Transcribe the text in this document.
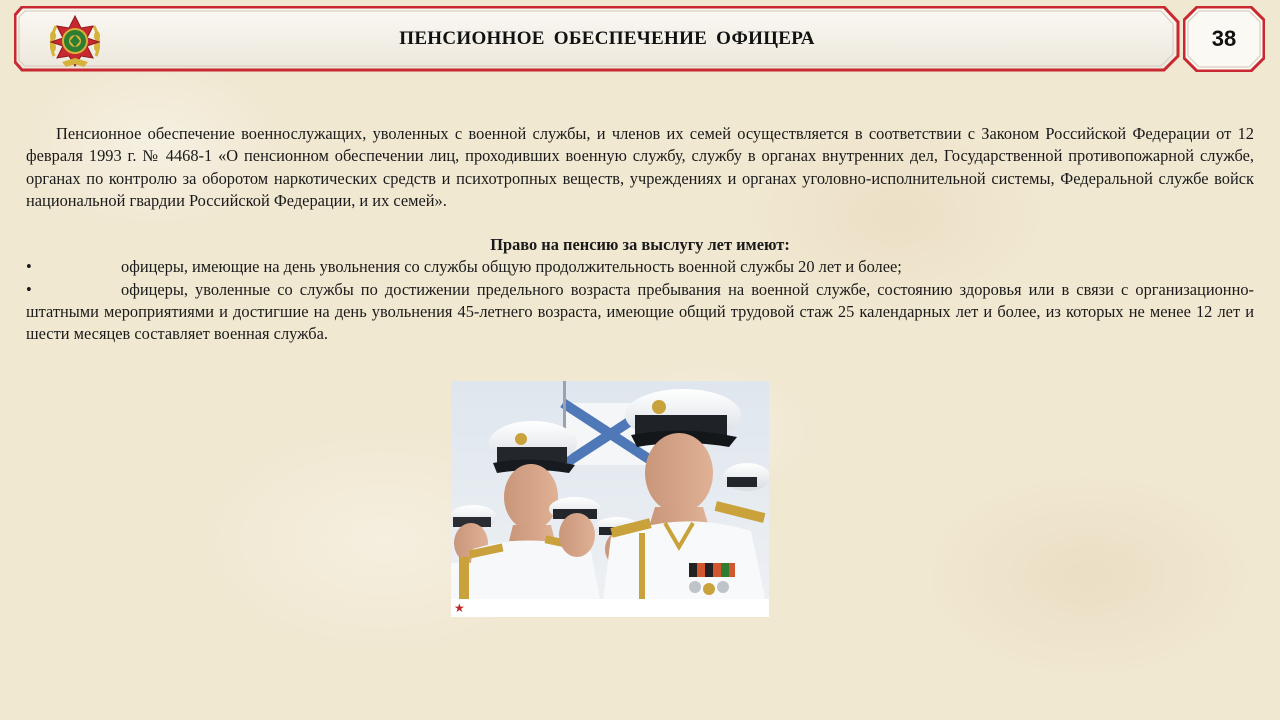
ПЕНСИОННОЕ ОБЕСПЕЧЕНИЕ ОФИЦЕРА	38

Пенсионное обеспечение военнослужащих, уволенных с военной службы, и членов их семей осуществляется в соответствии с Законом Российской Федерации от 12 февраля 1993 г. № 4468-1 «О пенсионном обеспечении лиц, проходивших военную службу, службу в органах внутренних дел, Государственной противопожарной службе, органах по контролю за оборотом наркотических средств и психотропных веществ, учреждениях и органах уголовно-исполнительной системы, Федеральной службе войск национальной гвардии Российской Федерации, и их семей».

Право на пенсию за выслугу лет имеют:

•	офицеры, имеющие на день увольнения со службы общую продолжительность военной службы 20 лет и более;
•	офицеры, уволенные со службы по достижении предельного возраста пребывания на военной службе, состоянию здоровья или в связи с организационно-штатными мероприятиями и достигшие на день увольнения 45-летнего возраста, имеющие общий трудовой стаж 25 календарных лет и более, из которых не менее 12 лет и шести месяцев составляет военная служба.
★
